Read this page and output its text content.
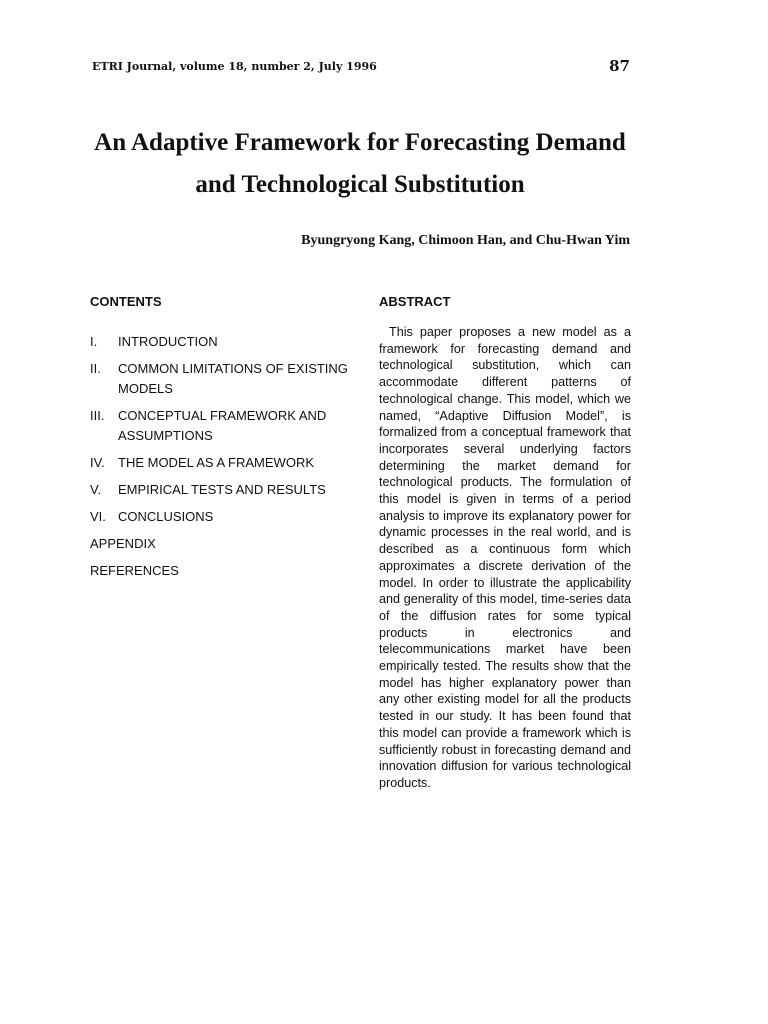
ETRI Journal, volume 18, number 2, July 1996	87
An Adaptive Framework for Forecasting Demand
and Technological Substitution
Byungryong Kang, Chimoon Han, and Chu-Hwan Yim
CONTENTS
I.	INTRODUCTION
II.	COMMON LIMITATIONS OF EXISTING MODELS
III.	CONCEPTUAL FRAMEWORK AND ASSUMPTIONS
IV.	THE MODEL AS A FRAMEWORK
V.	EMPIRICAL TESTS AND RESULTS
VI. CONCLUSIONS
APPENDIX
REFERENCES
ABSTRACT

This paper proposes a new model as a framework for forecasting demand and technological substitution, which can accommodate different patterns of technological change. This model, which we named, “Adaptive Diffusion Model”, is formalized from a conceptual framework that incorporates several underlying factors determining the market demand for technological products. The formulation of this model is given in terms of a period analysis to improve its explanatory power for dynamic processes in the real world, and is described as a continuous form which approximates a discrete derivation of the model. In order to illustrate the applicability and generality of this model, time-series data of the diffusion rates for some typical products in electronics and telecommunications market have been empirically tested. The results show that the model has higher explanatory power than any other existing model for all the products tested in our study. It has been found that this model can provide a framework which is sufficiently robust in forecasting demand and innovation diffusion for various technological products.
